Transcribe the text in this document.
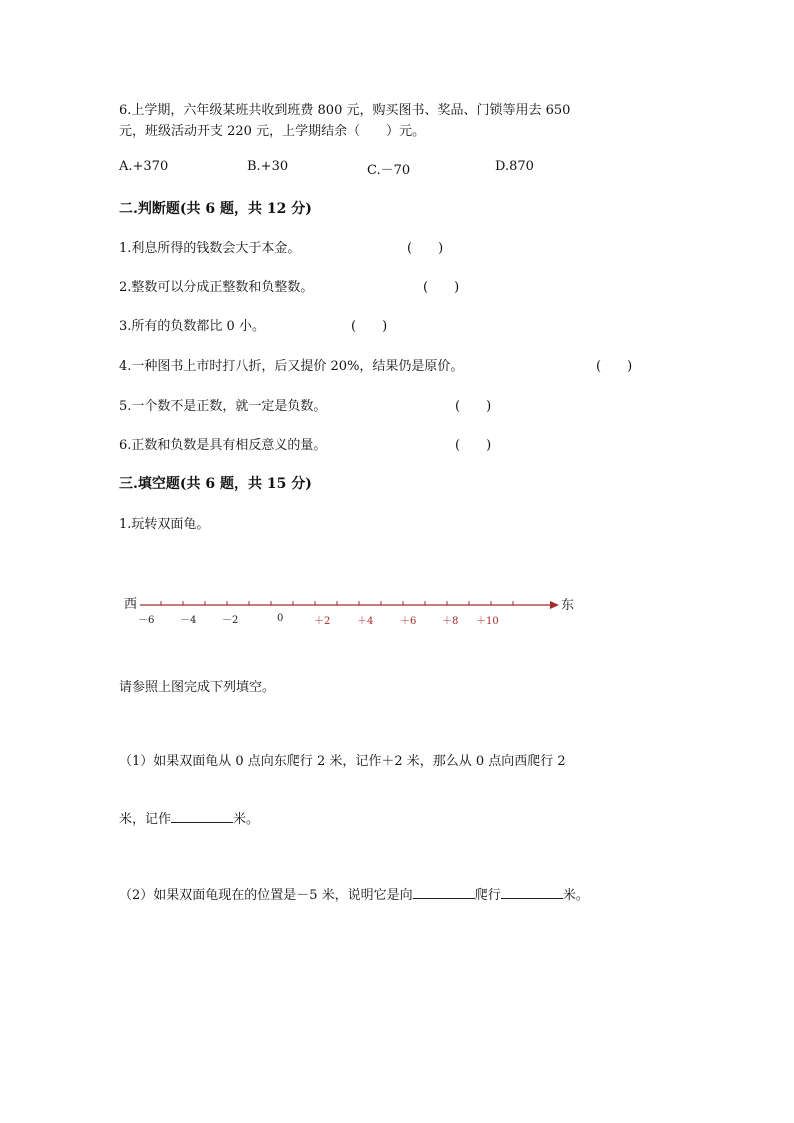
6.上学期，六年级某班共收到班费 800 元，购买图书、奖品、门锁等用去 650
元，班级活动开支 220 元，上学期结余（　　）元。
A.+370	B.+30	C.－70	D.870
二.判断题(共 6 题，共 12 分)
1.利息所得的钱数会大于本金。	(　　)
2.整数可以分成正整数和负整数。	(　　)
3.所有的负数都比 0 小。	(　　)
4.一种图书上市时打八折，后又提价 20%，结果仍是原价。	(　　)
5.一个数不是正数，就一定是负数。	(　　)
6.正数和负数是具有相反意义的量。	(　　)
三.填空题(共 6 题，共 15 分)
1.玩转双面龟。
西	东
－6	－4	－2	0	＋2	＋4	＋6	＋8 ＋10
请参照上图完成下列填空。
（1）如果双面龟从 0 点向东爬行 2 米，记作＋2 米，那么从 0 点向西爬行 2
米，记作	米。
（2）如果双面龟现在的位置是－5 米，说明它是向	爬行	米。
